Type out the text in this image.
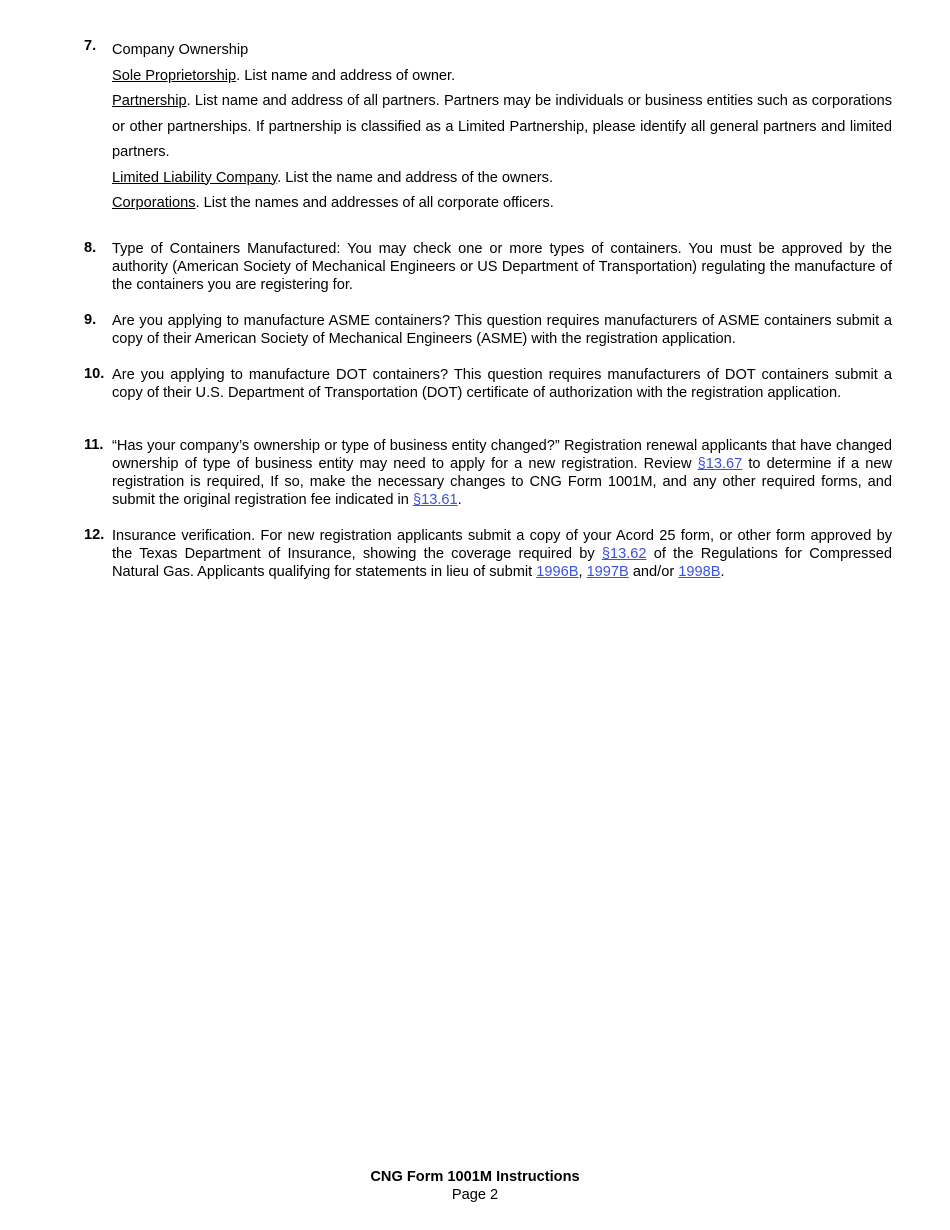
7. Company Ownership

Sole Proprietorship. List name and address of owner.

Partnership. List name and address of all partners. Partners may be individuals or business entities such as corporations or other partnerships. If partnership is classified as a Limited Partnership, please identify all general partners and limited partners.

Limited Liability Company. List the name and address of the owners.

Corporations. List the names and addresses of all corporate officers.

8. Type of Containers Manufactured: You may check one or more types of containers. You must be approved by the authority (American Society of Mechanical Engineers or US Department of Transportation) regulating the manufacture of the containers you are registering for.
9. Are you applying to manufacture ASME containers? This question requires manufacturers of ASME containers submit a copy of their American Society of Mechanical Engineers (ASME) with the registration application.
10. Are you applying to manufacture DOT containers? This question requires manufacturers of DOT containers submit a copy of their U.S. Department of Transportation (DOT) certificate of authorization with the registration application.
11. “Has your company’s ownership or type of business entity changed?” Registration renewal applicants that have changed ownership of type of business entity may need to apply for a new registration. Review §13.67 to determine if a new registration is required, If so, make the necessary changes to CNG Form 1001M, and any other required forms, and submit the original registration fee indicated in §13.61.
12. Insurance verification. For new registration applicants submit a copy of your Acord 25 form, or other form approved by the Texas Department of Insurance, showing the coverage required by §13.62 of the Regulations for Compressed Natural Gas. Applicants qualifying for statements in lieu of submit 1996B, 1997B and/or 1998B.
CNG Form 1001M Instructions
Page 2
